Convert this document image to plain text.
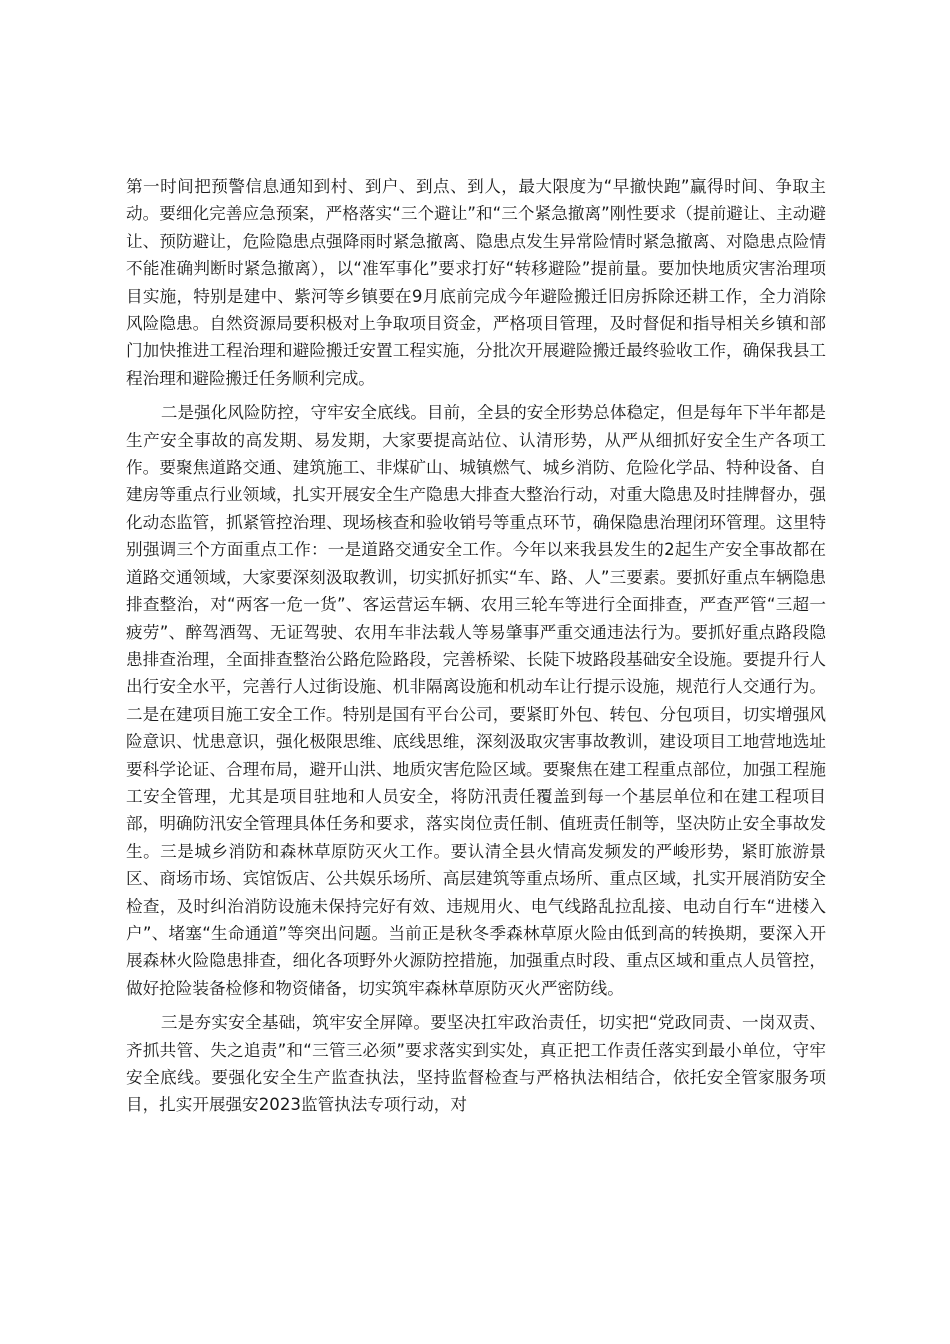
第一时间把预警信息通知到村、到户、到点、到人，最大限度为“早撤快跑”赢得时间、争取主动。要细化完善应急预案，严格落实“三个避让”和“三个紧急撤离”刚性要求（提前避让、主动避让、预防避让，危险隐患点强降雨时紧急撤离、隐患点发生异常险情时紧急撤离、对隐患点险情不能准确判断时紧急撤离），以“准军事化”要求打好“转移避险”提前量。要加快地质灾害治理项目实施，特别是建中、紫河等乡镇要在9月底前完成今年避险搬迁旧房拆除还耕工作，全力消除风险隐患。自然资源局要积极对上争取项目资金，严格项目管理，及时督促和指导相关乡镇和部门加快推进工程治理和避险搬迁安置工程实施，分批次开展避险搬迁最终验收工作，确保我县工程治理和避险搬迁任务顺利完成。

二是强化风险防控，守牢安全底线。目前，全县的安全形势总体稳定，但是每年下半年都是生产安全事故的高发期、易发期，大家要提高站位、认清形势，从严从细抓好安全生产各项工作。要聚焦道路交通、建筑施工、非煤矿山、城镇燃气、城乡消防、危险化学品、特种设备、自建房等重点行业领域，扎实开展安全生产隐患大排查大整治行动，对重大隐患及时挂牌督办，强化动态监管，抓紧管控治理、现场核查和验收销号等重点环节，确保隐患治理闭环管理。这里特别强调三个方面重点工作：一是道路交通安全工作。今年以来我县发生的2起生产安全事故都在道路交通领域，大家要深刻汲取教训，切实抓好抓实“车、路、人”三要素。要抓好重点车辆隐患排查整治，对“两客一危一货”、客运营运车辆、农用三轮车等进行全面排查，严查严管“三超一疲劳”、醉驾酒驾、无证驾驶、农用车非法载人等易肇事严重交通违法行为。要抓好重点路段隐患排查治理，全面排查整治公路危险路段，完善桥梁、长陡下坡路段基础安全设施。要提升行人出行安全水平，完善行人过街设施、机非隔离设施和机动车让行提示设施，规范行人交通行为。二是在建项目施工安全工作。特别是国有平台公司，要紧盯外包、转包、分包项目，切实增强风险意识、忧患意识，强化极限思维、底线思维，深刻汲取灾害事故教训，建设项目工地营地选址要科学论证、合理布局，避开山洪、地质灾害危险区域。要聚焦在建工程重点部位，加强工程施工安全管理，尤其是项目驻地和人员安全，将防汛责任覆盖到每一个基层单位和在建工程项目部，明确防汛安全管理具体任务和要求，落实岗位责任制、值班责任制等，坚决防止安全事故发生。三是城乡消防和森林草原防灭火工作。要认清全县火情高发频发的严峻形势，紧盯旅游景区、商场市场、宾馆饭店、公共娱乐场所、高层建筑等重点场所、重点区域，扎实开展消防安全检查，及时纠治消防设施未保持完好有效、违规用火、电气线路乱拉乱接、电动自行车“进楼入户”、堵塞“生命通道”等突出问题。当前正是秋冬季森林草原火险由低到高的转换期，要深入开展森林火险隐患排查，细化各项野外火源防控措施，加强重点时段、重点区域和重点人员管控，做好抢险装备检修和物资储备，切实筑牢森林草原防灭火严密防线。

三是夯实安全基础，筑牢安全屏障。要坚决扛牢政治责任，切实把“党政同责、一岗双责、齐抓共管、失之追责”和“三管三必须”要求落实到实处，真正把工作责任落实到最小单位，守牢安全底线。要强化安全生产监查执法，坚持监督检查与严格执法相结合，依托安全管家服务项目，扎实开展强安2023监管执法专项行动，对
